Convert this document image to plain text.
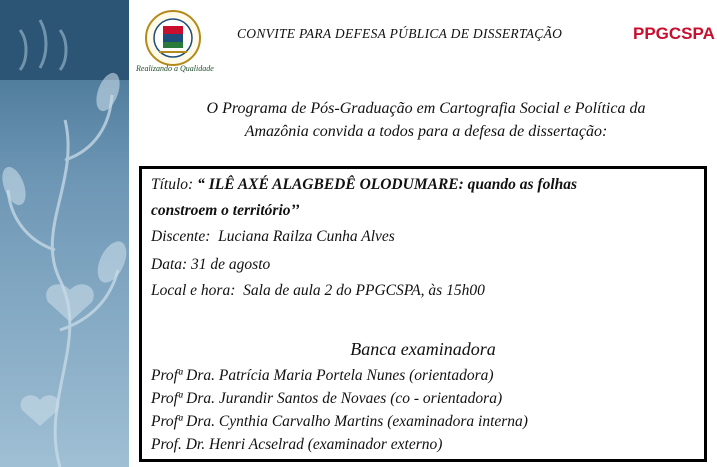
Realizando a Qualidade
CONVITE PARA DEFESA PÚBLICA DE DISSERTAÇÃO	PPGCSPA
O Programa de Pós-Graduação em Cartografia Social e Política da
Amazônia convida a todos para a defesa de dissertação:
Título: “ ILÊ AXÉ ALAGBEDÊ OLODUMARE: quando as folhas
constroem o território’’
Discente: Luciana Railza Cunha Alves
Data: 31 de agosto
Local e hora: Sala de aula 2 do PPGCSPA, às 15h00
Banca examinadora
Profª Dra. Patrícia Maria Portela Nunes (orientadora)
Profª Dra. Jurandir Santos de Novaes (co - orientadora)
Profª Dra. Cynthia Carvalho Martins (examinadora interna)
Prof. Dr. Henri Acselrad (examinador externo)
